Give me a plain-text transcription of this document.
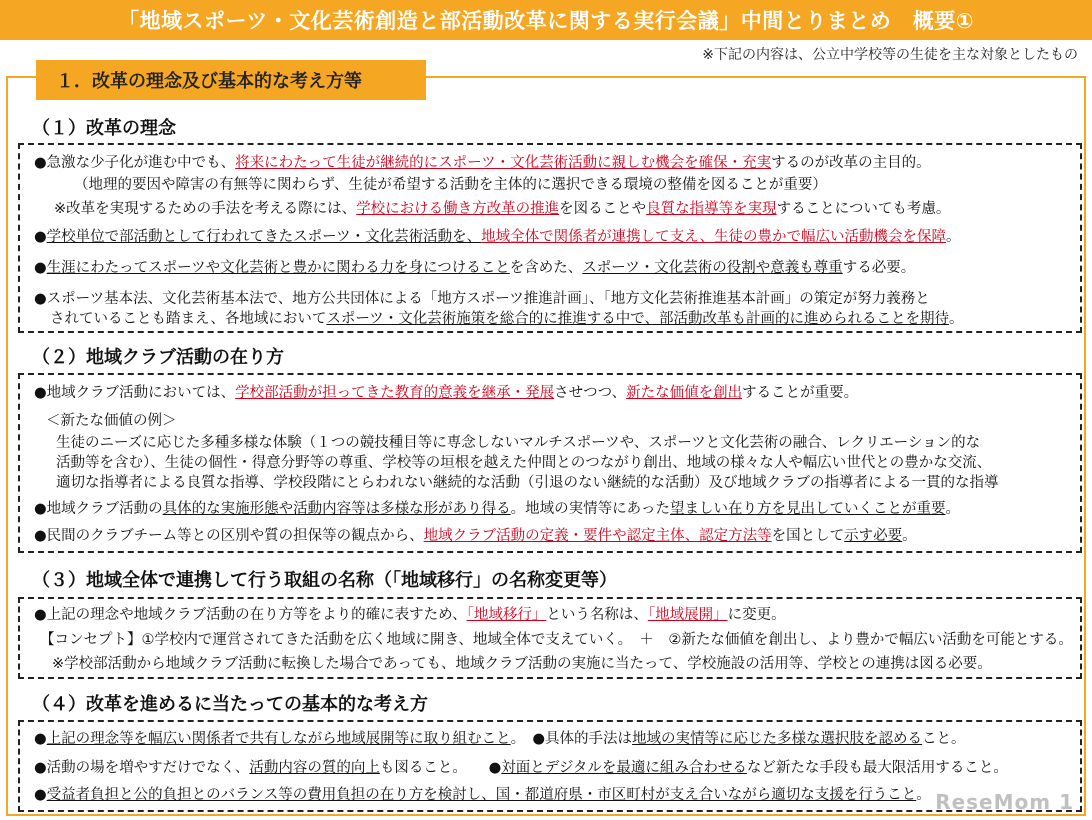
「地域スポーツ・文化芸術創造と部活動改革に関する実行会議」中間とりまとめ　概要①
※下記の内容は、公立中学校等の生徒を主な対象としたもの
１．改革の理念及び基本的な考え方等
（１）改革の理念
●急激な少子化が進む中でも、将来にわたって生徒が継続的にスポーツ・文化芸術活動に親しむ機会を確保・充実するのが改革の主目的。
（地理的要因や障害の有無等に関わらず、生徒が希望する活動を主体的に選択できる環境の整備を図ることが重要）
※改革を実現するための手法を考える際には、学校における働き方改革の推進を図ることや良質な指導等を実現することについても考慮。
●学校単位で部活動として行われてきたスポーツ・文化芸術活動を、地域全体で関係者が連携して支え、生徒の豊かで幅広い活動機会を保障。
●生涯にわたってスポーツや文化芸術と豊かに関わる力を身につけることを含めた、スポーツ・文化芸術の役割や意義も尊重する必要。
●スポーツ基本法、文化芸術基本法で、地方公共団体による「地方スポーツ推進計画」、「地方文化芸術推進基本計画」の策定が努力義務と
されていることも踏まえ、各地域においてスポーツ・文化芸術施策を総合的に推進する中で、部活動改革も計画的に進められることを期待。
（２）地域クラブ活動の在り方
●地域クラブ活動においては、学校部活動が担ってきた教育的意義を継承・発展させつつ、新たな価値を創出することが重要。
＜新たな価値の例＞
生徒のニーズに応じた多種多様な体験（１つの競技種目等に専念しないマルチスポーツや、スポーツと文化芸術の融合、レクリエーション的な
活動等を含む）、生徒の個性・得意分野等の尊重、学校等の垣根を越えた仲間とのつながり創出、地域の様々な人や幅広い世代との豊かな交流、
適切な指導者による良質な指導、学校段階にとらわれない継続的な活動（引退のない継続的な活動）及び地域クラブの指導者による一貫的な指導
●地域クラブ活動の具体的な実施形態や活動内容等は多様な形があり得る。地域の実情等にあった望ましい在り方を見出していくことが重要。
●民間のクラブチーム等との区別や質の担保等の観点から、地域クラブ活動の定義・要件や認定主体、認定方法等を国として示す必要。
（３）地域全体で連携して行う取組の名称（「地域移行」の名称変更等）
●上記の理念や地域クラブ活動の在り方等をより的確に表すため、「地域移行」という名称は、「地域展開」に変更。
【コンセプト】①学校内で運営されてきた活動を広く地域に開き、地域全体で支えていく。　＋　②新たな価値を創出し、より豊かで幅広い活動を可能とする。
※学校部活動から地域クラブ活動に転換した場合であっても、地域クラブ活動の実施に当たって、学校施設の活用等、学校との連携は図る必要。
（４）改革を進めるに当たっての基本的な考え方
●上記の理念等を幅広い関係者で共有しながら地域展開等に取り組むこと。　●具体的手法は地域の実情等に応じた多様な選択肢を認めること。
●活動の場を増やすだけでなく、活動内容の質的向上も図ること。　　●対面とデジタルを最適に組み合わせるなど新たな手段も最大限活用すること。
●受益者負担と公的負担とのバランス等の費用負担の在り方を検討し、国・都道府県・市区町村が支え合いながら適切な支援を行うこと。 ReseMom 1
